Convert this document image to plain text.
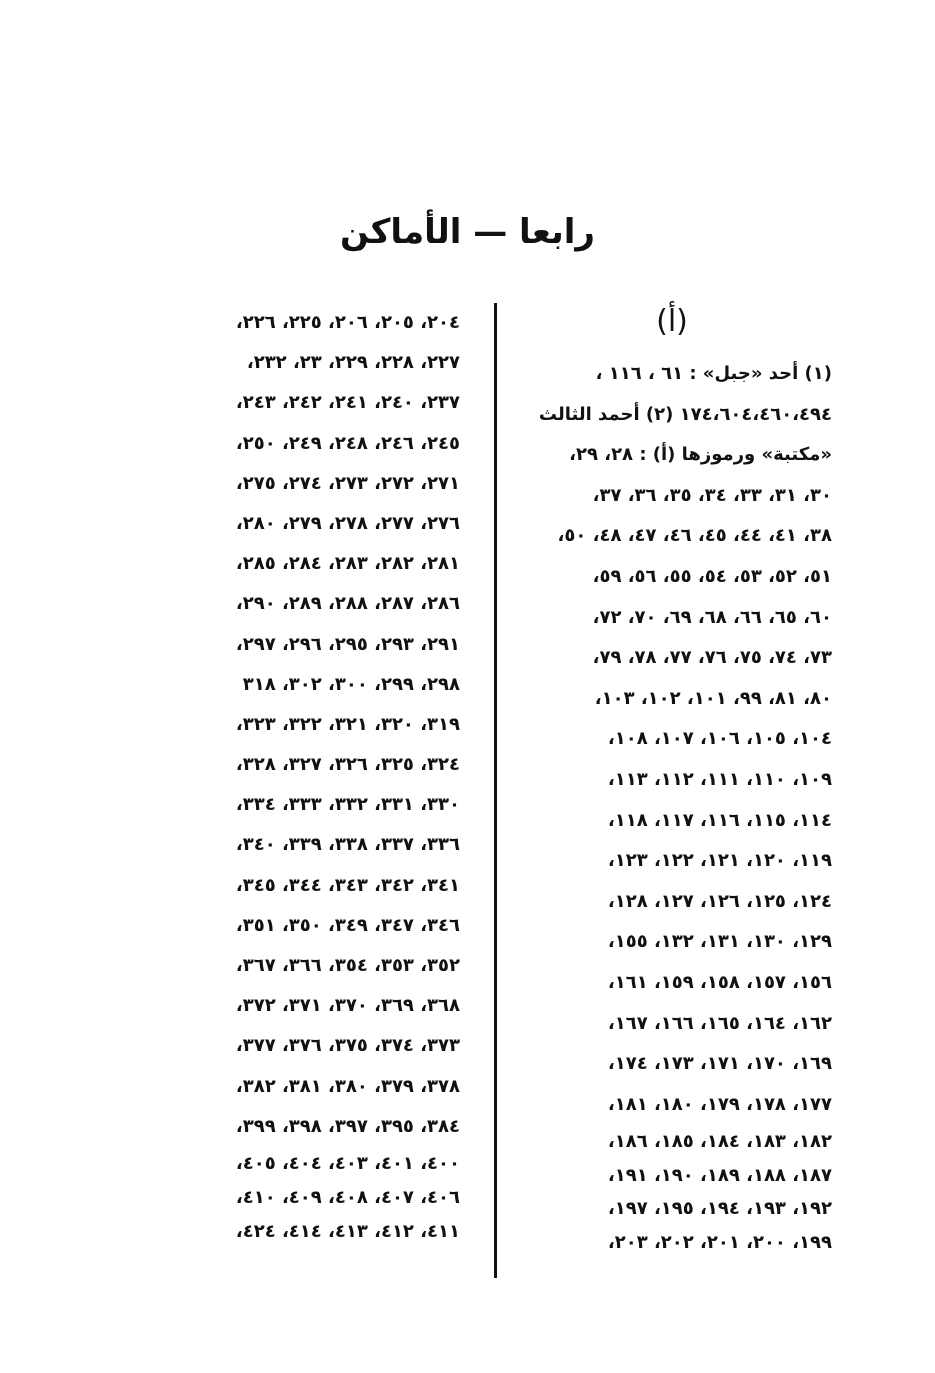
رابعا — الأماكن
(أ)
(١) أحد «جبل» : ٦١ ، ١١٦ ،
١٧٤،٦٠٤،٤٦٠،٤٩٤ (٢) أحمد الثالث
«مكتبة» ورموزها (أ) : ٢٨، ٢٩،
٣٠، ٣١، ٣٣، ٣٤، ٣٥، ٣٦، ٣٧،
٣٨، ٤١، ٤٤، ٤٥، ٤٦، ٤٧، ٤٨، ٥٠،
٥١، ٥٢، ٥٣، ٥٤، ٥٥، ٥٦، ٥٩،
٦٠، ٦٥، ٦٦، ٦٨، ٦٩، ٧٠، ٧٢،
٧٣، ٧٤، ٧٥، ٧٦، ٧٧، ٧٨، ٧٩،
٨٠، ٨١، ٩٩، ١٠١، ١٠٢، ١٠٣،
١٠٤، ١٠٥، ١٠٦، ١٠٧، ١٠٨،
١٠٩، ١١٠، ١١١، ١١٢، ١١٣،
١١٤، ١١٥، ١١٦، ١١٧، ١١٨،
١١٩، ١٢٠، ١٢١، ١٢٢، ١٢٣،
١٢٤، ١٢٥، ١٢٦، ١٢٧، ١٢٨،
١٢٩، ١٣٠، ١٣١، ١٣٢، ١٥٥،
١٥٦، ١٥٧، ١٥٨، ١٥٩، ١٦١،
١٦٢، ١٦٤، ١٦٥، ١٦٦، ١٦٧،
١٦٩، ١٧٠، ١٧١، ١٧٣، ١٧٤،
١٧٧، ١٧٨، ١٧٩، ١٨٠، ١٨١،
١٨٢، ١٨٣، ١٨٤، ١٨٥، ١٨٦،
١٨٧، ١٨٨، ١٨٩، ١٩٠، ١٩١،
١٩٢، ١٩٣، ١٩٤، ١٩٥، ١٩٧،
١٩٩، ٢٠٠، ٢٠١، ٢٠٢، ٢٠٣،
٢٠٤، ٢٠٥، ٢٠٦، ٢٢٥، ٢٢٦،
٢٢٧، ٢٢٨، ٢٢٩، ٢٣، ٢٣٢،
٢٣٧، ٢٤٠، ٢٤١، ٢٤٢، ٢٤٣،
٢٤٥، ٢٤٦، ٢٤٨، ٢٤٩، ٢٥٠،
٢٧١، ٢٧٢، ٢٧٣، ٢٧٤، ٢٧٥،
٢٧٦، ٢٧٧، ٢٧٨، ٢٧٩، ٢٨٠،
٢٨١، ٢٨٢، ٢٨٣، ٢٨٤، ٢٨٥،
٢٨٦، ٢٨٧، ٢٨٨، ٢٨٩، ٢٩٠،
٢٩١، ٢٩٣، ٢٩٥، ٢٩٦، ٢٩٧،
٢٩٨، ٢٩٩، ٣٠٠، ٣٠٢، ٣١٨
٣١٩، ٣٢٠، ٣٢١، ٣٢٢، ٣٢٣،
٣٢٤، ٣٢٥، ٣٢٦، ٣٢٧، ٣٢٨،
٣٣٠، ٣٣١، ٣٣٢، ٣٣٣، ٣٣٤،
٣٣٦، ٣٣٧، ٣٣٨، ٣٣٩، ٣٤٠،
٣٤١، ٣٤٢، ٣٤٣، ٣٤٤، ٣٤٥،
٣٤٦، ٣٤٧، ٣٤٩، ٣٥٠، ٣٥١،
٣٥٢، ٣٥٣، ٣٥٤، ٣٦٦، ٣٦٧،
٣٦٨، ٣٦٩، ٣٧٠، ٣٧١، ٣٧٢،
٣٧٣، ٣٧٤، ٣٧٥، ٣٧٦، ٣٧٧،
٣٧٨، ٣٧٩، ٣٨٠، ٣٨١، ٣٨٢،
٣٨٤، ٣٩٥، ٣٩٧، ٣٩٨، ٣٩٩،
٤٠٠، ٤٠١، ٤٠٣، ٤٠٤، ٤٠٥،
٤٠٦، ٤٠٧، ٤٠٨، ٤٠٩، ٤١٠،
٤١١، ٤١٢، ٤١٣، ٤١٤، ٤٢٤،
